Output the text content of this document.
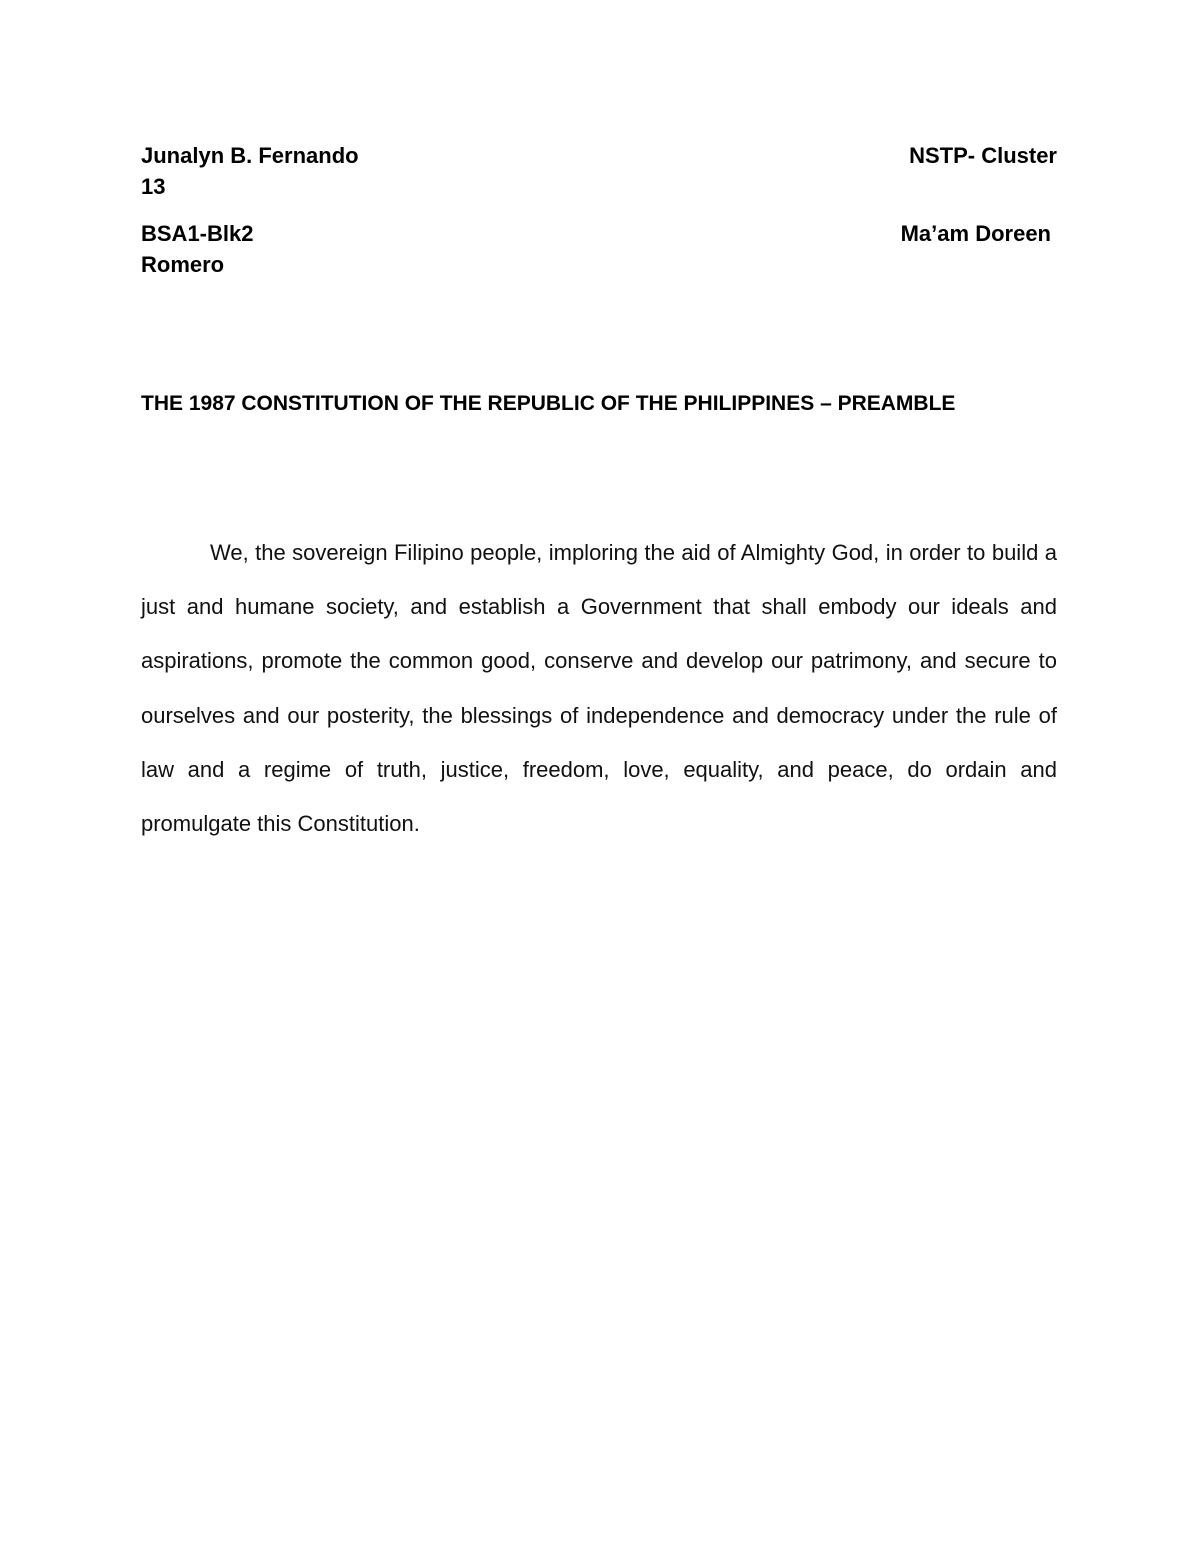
Junalyn B. Fernando	NSTP- Cluster
13
BSA1-Blk2	Ma’am Doreen
Romero
THE 1987 CONSTITUTION OF THE REPUBLIC OF THE PHILIPPINES – PREAMBLE

We, the sovereign Filipino people, imploring the aid of Almighty God, in order to build a just and humane society, and establish a Government that shall embody our ideals and aspirations, promote the common good, conserve and develop our patrimony, and secure to ourselves and our posterity, the blessings of independence and democracy under the rule of law and a regime of truth, justice, freedom, love, equality, and peace, do ordain and promulgate this Constitution.
